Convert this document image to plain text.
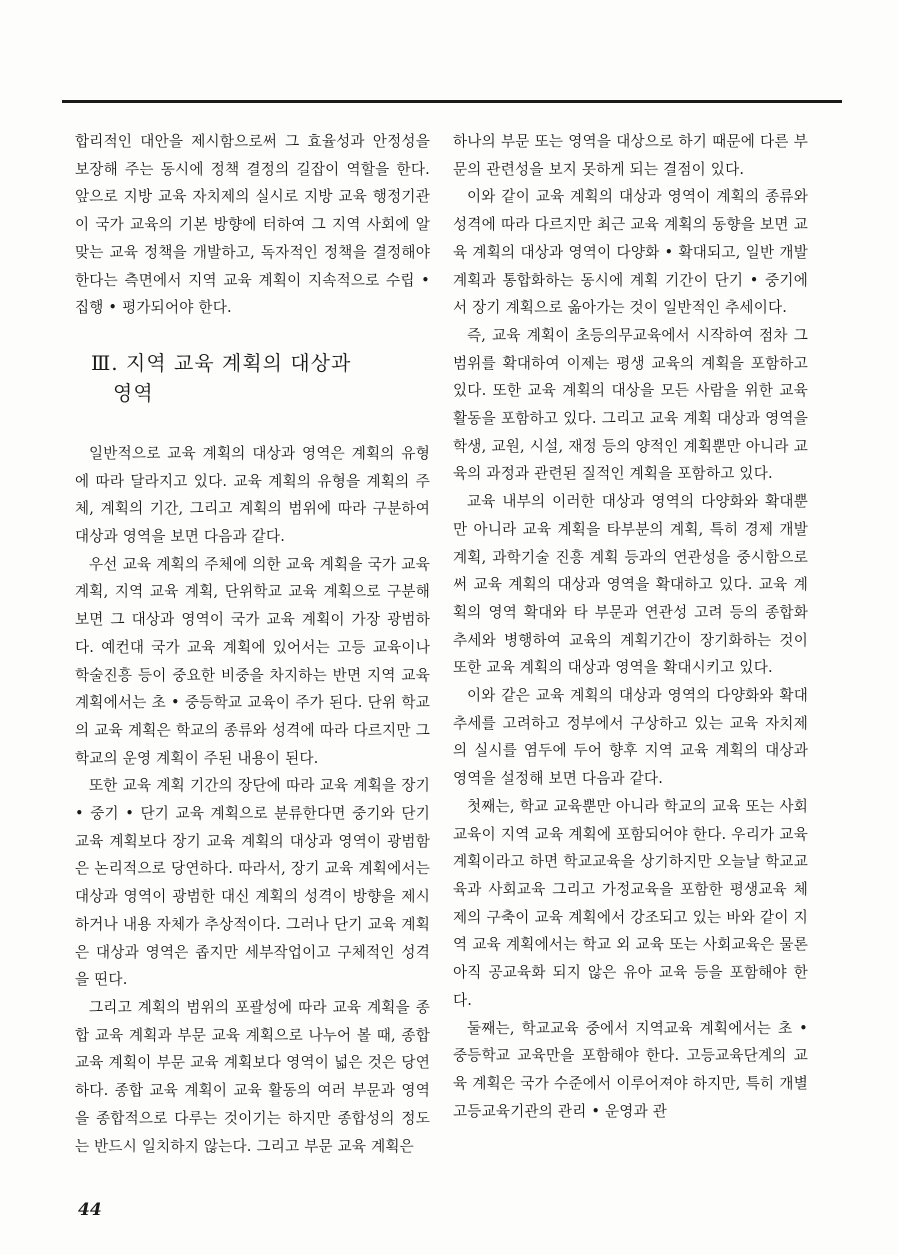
합리적인 대안을 제시함으로써 그 효율성과 안정성을 보장해 주는 동시에 정책 결정의 길잡이 역할을 한다. 앞으로 지방 교육 자치제의 실시로 지방 교육 행정기관이 국가 교육의 기본 방향에 터하여 그 지역 사회에 알맞는 교육 정책을 개발하고, 독자적인 정책을 결정해야 한다는 측면에서 지역 교육 계획이 지속적으로 수립 • 집행 • 평가되어야 한다.

Ⅲ. 지역 교육 계획의 대상과
영역

일반적으로 교육 계획의 대상과 영역은 계획의 유형에 따라 달라지고 있다. 교육 계획의 유형을 계획의 주체, 계획의 기간, 그리고 계획의 범위에 따라 구분하여 대상과 영역을 보면 다음과 같다.

우선 교육 계획의 주체에 의한 교육 계획을 국가 교육 계획, 지역 교육 계획, 단위학교 교육 계획으로 구분해 보면 그 대상과 영역이 국가 교육 계획이 가장 광범하다. 예컨대 국가 교육 계획에 있어서는 고등 교육이나 학술진흥 등이 중요한 비중을 차지하는 반면 지역 교육 계획에서는 초 • 중등학교 교육이 주가 된다. 단위 학교의 교육 계획은 학교의 종류와 성격에 따라 다르지만 그 학교의 운영 계획이 주된 내용이 된다.

또한 교육 계획 기간의 장단에 따라 교육 계획을 장기 • 중기 • 단기 교육 계획으로 분류한다면 중기와 단기 교육 계획보다 장기 교육 계획의 대상과 영역이 광범함은 논리적으로 당연하다. 따라서, 장기 교육 계획에서는 대상과 영역이 광범한 대신 계획의 성격이 방향을 제시하거나 내용 자체가 추상적이다. 그러나 단기 교육 계획은 대상과 영역은 좁지만 세부작업이고 구체적인 성격을 띤다.

그리고 계획의 범위의 포괄성에 따라 교육 계획을 종합 교육 계획과 부문 교육 계획으로 나누어 볼 때, 종합 교육 계획이 부문 교육 계획보다 영역이 넓은 것은 당연하다. 종합 교육 계획이 교육 활동의 여러 부문과 영역을 종합적으로 다루는 것이기는 하지만 종합성의 정도는 반드시 일치하지 않는다. 그리고 부문 교육 계획은

하나의 부문 또는 영역을 대상으로 하기 때문에 다른 부문의 관련성을 보지 못하게 되는 결점이 있다.

이와 같이 교육 계획의 대상과 영역이 계획의 종류와 성격에 따라 다르지만 최근 교육 계획의 동향을 보면 교육 계획의 대상과 영역이 다양화 • 확대되고, 일반 개발 계획과 통합화하는 동시에 계획 기간이 단기 • 중기에서 장기 계획으로 옮아가는 것이 일반적인 추세이다.

즉, 교육 계획이 초등의무교육에서 시작하여 점차 그 범위를 확대하여 이제는 평생 교육의 계획을 포함하고 있다. 또한 교육 계획의 대상을 모든 사람을 위한 교육 활동을 포함하고 있다. 그리고 교육 계획 대상과 영역을 학생, 교원, 시설, 재정 등의 양적인 계획뿐만 아니라 교육의 과정과 관련된 질적인 계획을 포함하고 있다.

교육 내부의 이러한 대상과 영역의 다양화와 확대뿐만 아니라 교육 계획을 타부분의 계획, 특히 경제 개발 계획, 과학기술 진흥 계획 등과의 연관성을 중시함으로써 교육 계획의 대상과 영역을 확대하고 있다. 교육 계획의 영역 확대와 타 부문과 연관성 고려 등의 종합화 추세와 병행하여 교육의 계획기간이 장기화하는 것이 또한 교육 계획의 대상과 영역을 확대시키고 있다.

이와 같은 교육 계획의 대상과 영역의 다양화와 확대 추세를 고려하고 정부에서 구상하고 있는 교육 자치제의 실시를 염두에 두어 향후 지역 교육 계획의 대상과 영역을 설정해 보면 다음과 같다.

첫째는, 학교 교육뿐만 아니라 학교의 교육 또는 사회 교육이 지역 교육 계획에 포함되어야 한다. 우리가 교육 계획이라고 하면 학교교육을 상기하지만 오늘날 학교교육과 사회교육 그리고 가정교육을 포함한 평생교육 체제의 구축이 교육 계획에서 강조되고 있는 바와 같이 지역 교육 계획에서는 학교 외 교육 또는 사회교육은 물론 아직 공교육화 되지 않은 유아 교육 등을 포함해야 한다.

둘째는, 학교교육 중에서 지역교육 계획에서는 초 • 중등학교 교육만을 포함해야 한다. 고등교육단계의 교육 계획은 국가 수준에서 이루어져야 하지만, 특히 개별 고등교육기관의 관리 • 운영과 관

44
